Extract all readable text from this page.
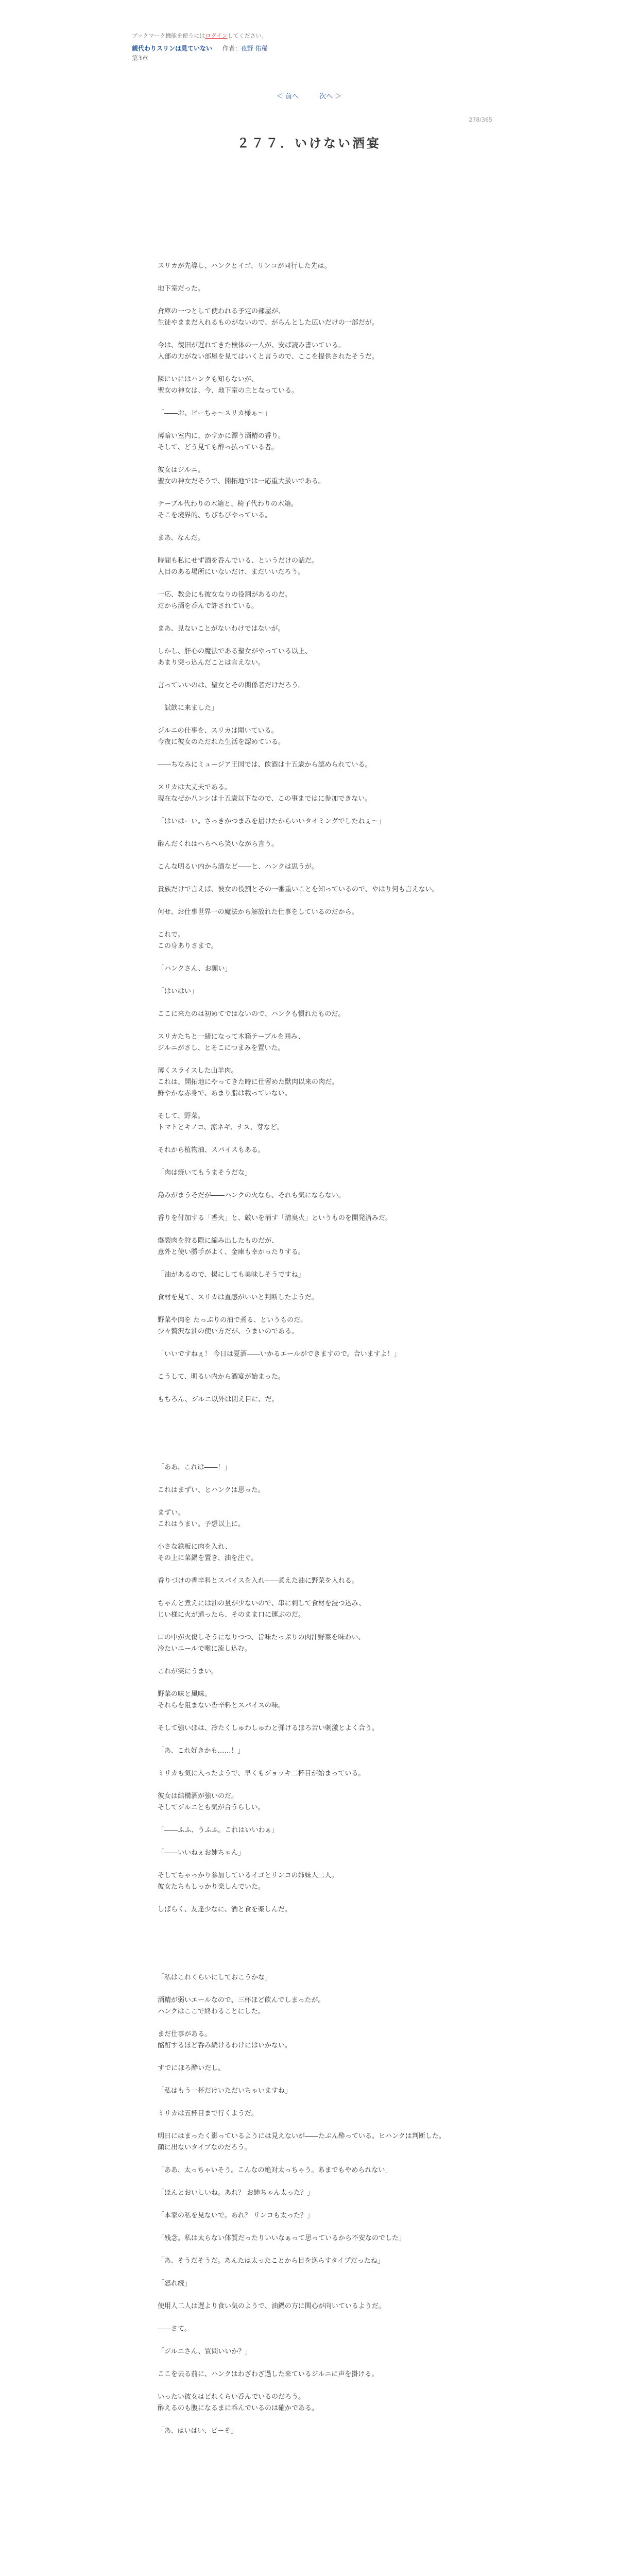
ブックマーク機能を使うにはログインしてください。
親代わりスリンは見ていない 作者：夜野 佑稀
第3章
＜ 前へ	次へ ＞
278/365
２７７．いけない酒宴

スリカが先導し、ハンクとイゴ、リンコが同行した先は。

地下室だった。

倉庫の一つとして使われる予定の部屋が、

生徒やままだ入れるものがないので、がらんとした広いだけの一部だが。

今は、復旧が遅れてきた検体の一人が、安ば読み書いている。

入部の力がない部屋を見てはいくと言うので、ここを提供されたそうだ。

隣にいにはハンクも知らないが、

聖女の神女は、今、地下室の主となっている。

「――お、ビーちゃ～スリカ様ぁ～」

薄暗い室内に、かすかに漂う酒精の香り。

そして、どう見ても酔っ払っている者。

彼女はジルニ。

聖女の神女だそうで、開拓地では一応重大扱いである。

テーブル代わりの木箱と、椅子代わりの木箱。

そこを境界的、ちびちびやっている。

まあ、なんだ。

時間も私にせず酒を呑んでいる、というだけの話だ。

人目のある場所にいないだけ、まだいいだろう。

一応、教会にも彼女なりの役割があるのだ。

だから酒を呑んで許されている。

まあ、見ないことがないわけではないが。

しかし、肝心の魔法である聖女がやっている以上、

あまり突っ込んだことは言えない。

言っていいのは、聖女とその関係者だけだろう。

「試飲に来ました」

ジルニの仕事を、スリカは聞いている。

今夜に彼女のただれた生活を認めている。

――ちなみにミュージア王国では、飲酒は十五歳から認められている。

スリカは大丈夫である。

現在なぜか八ンシは十五歳以下なので、この事まではに参加できない。

「はいはーい。さっきかつまみを届けたからいいタイミングでしたねぇ～」

酔んだくれはヘらへら笑いながら言う。

こんな明るい内から酒など――と、ハンクは思うが。

貴族だけで言えば、彼女の役割とその一番重いことを知っているので、やはり何も言えない。

何せ、お仕事世界一の魔法から解放れた仕事をしているのだから。

これで。

この身ありさまで。

「ハンクさん、お願い」

「はいはい」

ここに来たのは初めてではないので、ハンクも慣れたものだ。

スリカたちと一緒になって木箱テーブルを囲み、

ジルニがさし、とそこにつまみを置いた。

薄くスライスした山羊肉。

これは、開拓地にやってきた時に仕留めた獣肉以来の肉だ。

鮮やかな赤身で、あまり脂は載っていない。

そして、野菜。

トマトとキノコ、涼ネギ、ナス、芽など。

それから植物油、スパイスもある。

「肉は焼いてもうまそうだな」

島みがまうそだが――ハンクの火なら、それも気にならない。

香りを付加する「香火」と、厳いを消す「清臭火」というものを開発済みだ。

爆裂肉を狩る際に編み出したものだが、

意外と使い勝手がよく、金庫も幸かったりする。

「油があるので、揚にしても美味しそうですね」

食材を見て、スリカは直感がいいと判断したようだ。

野菜や肉を たっぷりの油で煮る、というものだ。

少々贅沢な油の使い方だが、うまいのである。

「いいですねぇ！ 今日は夏酒――いかるエールができますので。合いますよ！」

こうして、明るい内から酒宴が始まった。

もちろん、ジルニ以外は閉え目に、だ。

「ああ、これは――！」

これはまずい、とハンクは思った。

まずい。

これはうまい。予想以上に。

小さな鉄板に肉を入れ、

その上に菜鍋を置き、油を注ぐ。

香りづけの香辛料とスパイスを入れ――煮えた油に野菜を入れる。

ちゃんと煮えには油の量が少ないので、串に刺して食材を浸つ込み、

じい様に火が通ったら、そのまま口に運ぶのだ。

口の中が火傷しそうになりつつ、旨味たっぷりの肉汁野菜を味わい、

冷たいエールで喉に流し込む。

これが実にうまい。

野菜の味と風味。

それらを阻まない香辛料とスパイスの味。

そして強いほは、冷たくしゅわしゅわと弾けるほろ苦い刺激とよく合う。

「あ、これ好きかも……！」

ミリカも気に入ったようで、早くもジョッキ二杯目が始まっている。

彼女は結構酒が強いのだ。

そしてジルニとも気が合うらしい。

「――ふふ、うふふ。これはいいわぁ」

「――いいねぇお姉ちゃん」

そしてちゃっかり参加しているイゴとリンコの姉妹人二人。

彼女たちもしっかり楽しんでいた。

しばらく、友達少なに、酒と食を楽しんだ。

「私はこれくらいにしておこうかな」

酒精が弱いエールなので、三杯ほど飲んでしまったが。

ハンクはここで終わることにした。

まだ仕事がある。

酩酊するほど呑み続けるわけにはいかない。

すでにほろ酔いだし。

「私はもう一杯だけいただいちゃいますね」

ミリカは五杯目まで行くようだ。

明日にはまったく影っているようには見えないが――たぶん酔っている。ヒハンクは判断した。

顔に出ないタイプなのだろう。

「ああ、太っちゃいそう。こんなの絶対太っちゃう。あまでもやめられない」

「ほんとおいしいね。あれ？ お姉ちゃん太った？」

「本家の私を見ないで。あれ？ リンコも太った？」

「残念。私は太らない体質だったりいいなぁって思っているから不安なのでした」

「あ、そうだそうだ。あんたは太ったことから目を逸らすタイプだったね」

「怒れ続」

使用人二人は遅より食い気のようで、油鍋の方に関心が向いているようだ。

――さて。

「ジルニさん、質問いいか？」

ここを去る前に、ハンクはわざわざ過した来ているジルニに声を掛ける。

いったい彼女はどれくらい呑んでいるのだろう。

酔えるのも腹になるまに呑んでいるのは確かである。

「あ、はいはい、ビーそ」
